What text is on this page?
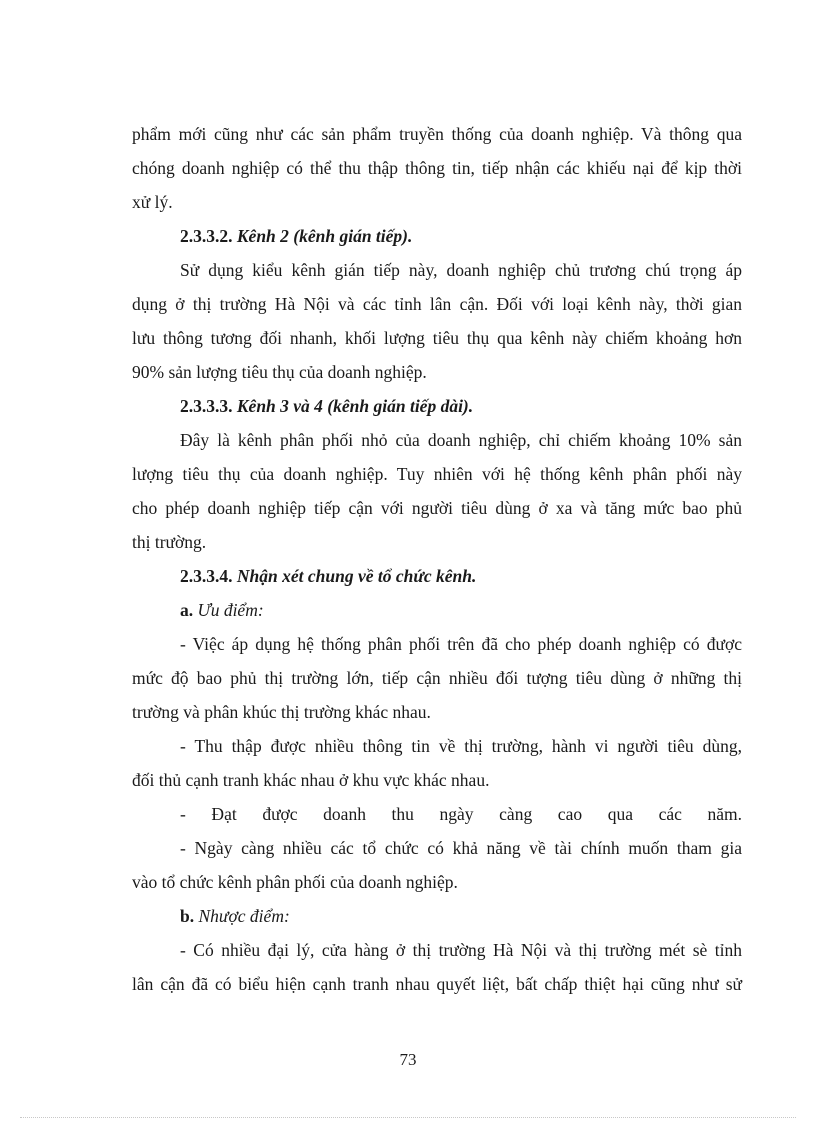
phẩm mới cũng như các sản phẩm truyền thống của doanh nghiệp. Và thông qua
chóng doanh nghiệp có thể thu thập thông tin, tiếp nhận các khiếu nại để kịp thời
xử lý.
2.3.3.2. Kênh 2 (kênh gián tiếp).
Sử dụng kiểu kênh gián tiếp này, doanh nghiệp chủ trương chú trọng áp
dụng ở thị trường Hà Nội và các tỉnh lân cận. Đối với loại kênh này, thời gian
lưu thông tương đối nhanh, khối lượng tiêu thụ qua kênh này chiếm khoảng hơn
90% sản lượng tiêu thụ của doanh nghiệp.
2.3.3.3. Kênh 3 và 4 (kênh gián tiếp dài).
Đây là kênh phân phối nhỏ của doanh nghiệp, chỉ chiếm khoảng 10% sản
lượng tiêu thụ của doanh nghiệp. Tuy nhiên với hệ thống kênh phân phối này
cho phép doanh nghiệp tiếp cận với người tiêu dùng ở xa và tăng mức bao phủ
thị trường.
2.3.3.4. Nhận xét chung về tổ chức kênh.
a. Ưu điểm:
- Việc áp dụng hệ thống phân phối trên đã cho phép doanh nghiệp có được
mức độ bao phủ thị trường lớn, tiếp cận nhiều đối tượng tiêu dùng ở những thị
trường và phân khúc thị trường khác nhau.
- Thu thập được nhiều thông tin về thị trường, hành vi người tiêu dùng,
đối thủ cạnh tranh khác nhau ở khu vực khác nhau.
- Đạt được doanh thu ngày càng cao qua các năm.
- Ngày càng nhiều các tổ chức có khả năng về tài chính muốn tham gia
vào tổ chức kênh phân phối của doanh nghiệp.
b. Nhược điểm:
- Có nhiều đại lý, cửa hàng ở thị trường Hà Nội và thị trường mét sè tỉnh
lân cận đã có biểu hiện cạnh tranh nhau quyết liệt, bất chấp thiệt hại cũng như sử
73
